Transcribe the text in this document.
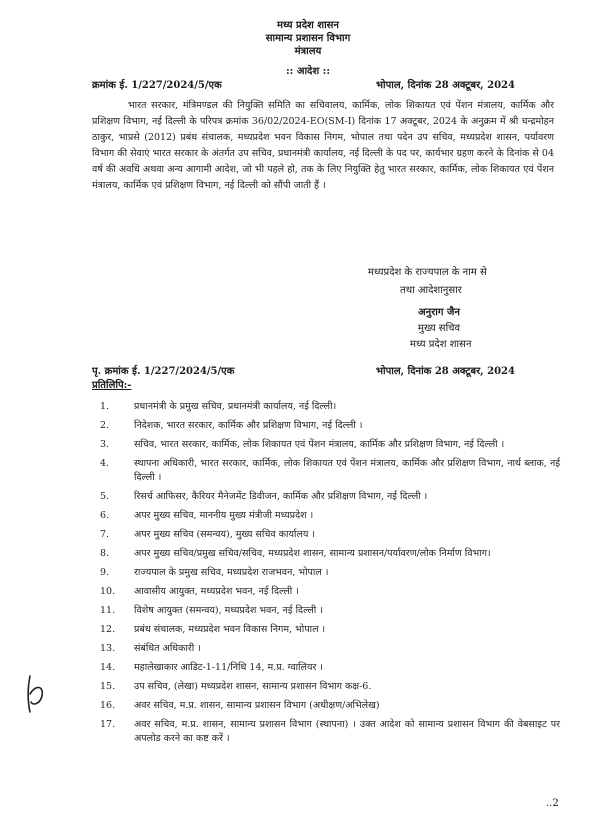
मध्य प्रदेश शासन
सामान्य प्रशासन विभाग
मंत्रालय
:: आदेश ::
क्रमांक ई. 1/227/2024/5/एक	भोपाल, दिनांक 28 अक्टूबर, 2024
भारत सरकार, मंत्रिमण्डल की नियुक्ति समिति का सचिवालय, कार्मिक, लोक शिकायत एवं पेंशन मंत्रालय, कार्मिक और प्रशिक्षण विभाग, नई दिल्ली के परिपत्र क्रमांक 36/02/2024-EO(SM-I) दिनांक 17 अक्टूबर, 2024 के अनुक्रम में श्री चन्द्रमोहन ठाकुर, भाप्रसे (2012) प्रबंध संचालक, मध्यप्रदेश भवन विकास निगम, भोपाल तथा पदेन उप सचिव, मध्यप्रदेश शासन, पर्यावरण विभाग की सेवाएं भारत सरकार के अंतर्गत उप सचिव, प्रधानमंत्री कार्यालय, नई दिल्ली के पद पर, कार्यभार ग्रहण करने के दिनांक से 04 वर्ष की अवधि अथवा अन्य आगामी आदेश, जो भी पहले हो, तक के लिए नियुक्ति हेतु भारत सरकार, कार्मिक, लोक शिकायत एवं पेंशन मंत्रालय, कार्मिक एवं प्रशिक्षण विभाग, नई दिल्ली को सौंपी जाती हैं ।
मध्यप्रदेश के राज्यपाल के नाम से
तथा आदेशानुसार
अनुराग जैन
मुख्य सचिव
मध्य प्रदेश शासन
पृ. क्रमांक ई. 1/227/2024/5/एक	भोपाल, दिनांक 28 अक्टूबर, 2024
प्रतिलिपि:-
1.	प्रधानमंत्री के प्रमुख सचिव, प्रधानमंत्री कार्यालय, नई दिल्ली।
2.	निदेशक, भारत सरकार, कार्मिक और प्रशिक्षण विभाग, नई दिल्ली ।
3.	सचिव, भारत सरकार, कार्मिक, लोक शिकायत एवं पेंशन मंत्रालय, कार्मिक और प्रशिक्षण विभाग, नई दिल्ली ।
4.	स्थापना अधिकारी, भारत सरकार, कार्मिक, लोक शिकायत एवं पेंशन मंत्रालय, कार्मिक और प्रशिक्षण विभाग, नार्थ ब्लाक, नई दिल्ली ।
5.	रिसर्च आफिसर, कैरियर मैनेजमेंट डिवीजन, कार्मिक और प्रशिक्षण विभाग, नई दिल्ली ।
6.	अपर मुख्य सचिव, माननीय मुख्य मंत्रीजी मध्यप्रदेश ।
7.	अपर मुख्य सचिव (समन्वय), मुख्य सचिव कार्यालय ।
8.	अपर मुख्य सचिव/प्रमुख सचिव/सचिव, मध्यप्रदेश शासन, सामान्य प्रशासन/पर्यावरण/लोक निर्माण विभाग।
9.	राज्यपाल के प्रमुख सचिव, मध्यप्रदेश राजभवन, भोपाल ।
10. आवासीय आयुक्त, मध्यप्रदेश भवन, नई दिल्ली ।
11. विशेष आयुक्त (समन्वय), मध्यप्रदेश भवन, नई दिल्ली ।
12. प्रबंध संचालक, मध्यप्रदेश भवन विकास निगम, भोपाल ।
13. संबंधित अधिकारी ।
14. महालेखाकार आडिट-1-11/निधि 14, म.प्र. ग्वालियर ।
15. उप सचिव, (लेखा) मध्यप्रदेश शासन, सामान्य प्रशासन विभाग कक्ष-6.
16. अवर सचिव, म.प्र. शासन, सामान्य प्रशासन विभाग (अधीक्षण/अभिलेख)
17. अवर सचिव, म.प्र. शासन, सामान्य प्रशासन विभाग (स्थापना) । उक्त आदेश को सामान्य प्रशासन विभाग की वेबसाइट पर अपलोड करने का कष्ट करें ।
..2
